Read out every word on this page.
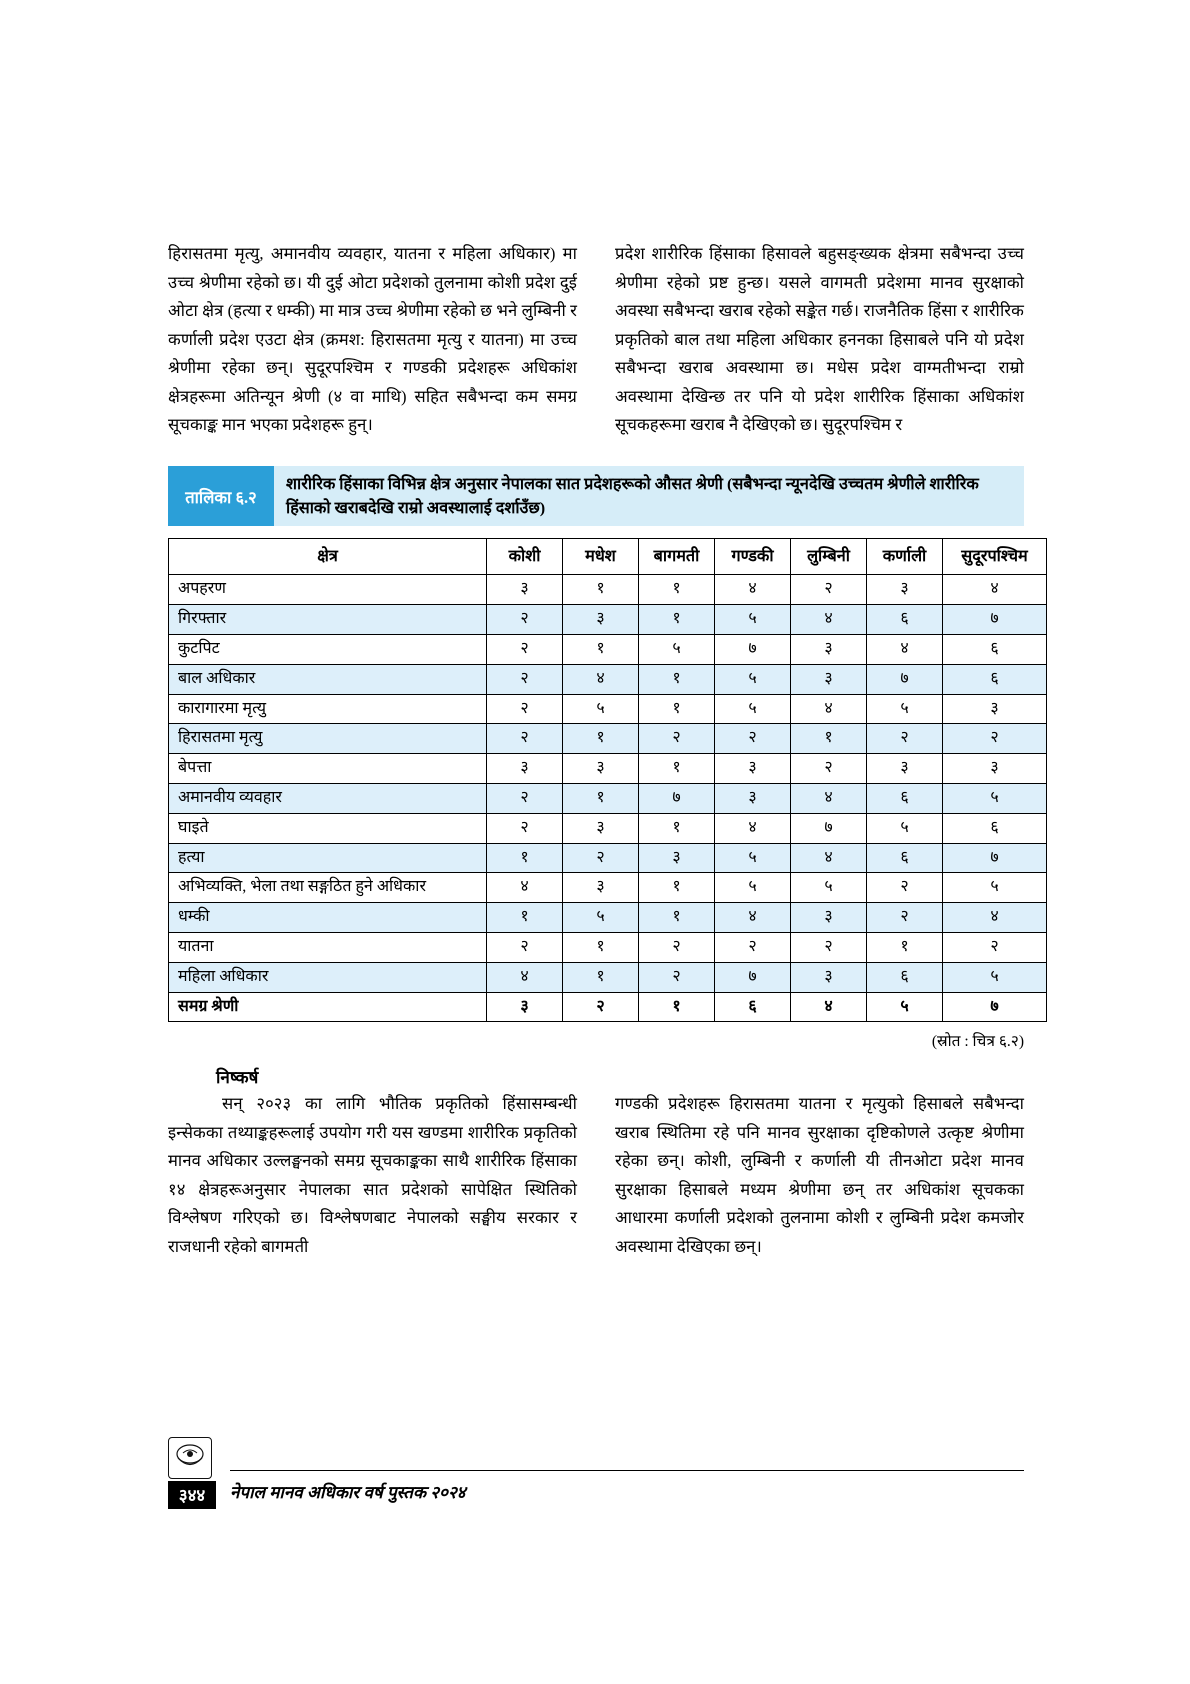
हिरासतमा मृत्यु, अमानवीय व्यवहार, यातना र महिला अधिकार) मा उच्च श्रेणीमा रहेको छ। यी दुई ओटा प्रदेशको तुलनामा कोशी प्रदेश दुई ओटा क्षेत्र (हत्या र धम्की) मा मात्र उच्च श्रेणीमा रहेको छ भने लुम्बिनी र कर्णाली प्रदेश एउटा क्षेत्र (क्रमश: हिरासतमा मृत्यु र यातना) मा उच्च श्रेणीमा रहेका छन्। सुदूरपश्चिम र गण्डकी प्रदेशहरू अधिकांश क्षेत्रहरूमा अतिन्यून श्रेणी (४ वा माथि) सहित सबैभन्दा कम समग्र सूचकाङ्क मान भएका प्रदेशहरू हुन्।

प्रदेश शारीरिक हिंसाका हिसावले बहुसङ्ख्यक क्षेत्रमा सबैभन्दा उच्च श्रेणीमा रहेको प्रष्ट हुन्छ। यसले वागमती प्रदेशमा मानव सुरक्षाको अवस्था सबैभन्दा खराब रहेको सङ्केत गर्छ। राजनैतिक हिंसा र शारीरिक प्रकृतिको बाल तथा महिला अधिकार हननका हिसाबले पनि यो प्रदेश सबैभन्दा खराब अवस्थामा छ। मधेस प्रदेश वाग्मतीभन्दा राम्रो अवस्थामा देखिन्छ तर पनि यो प्रदेश शारीरिक हिंसाका अधिकांश सूचकहरूमा खराब नै देखिएको छ। सुदूरपश्चिम र

तालिका ६.२
शारीरिक हिंसाका विभिन्न क्षेत्र अनुसार नेपालका सात प्रदेशहरूको औसत श्रेणी (सबैभन्दा न्यूनदेखि उच्चतम श्रेणीले शारीरिक हिंसाको खराबदेखि राम्रो अवस्थालाई दर्शाउँछ)
क्षेत्र	कोशी	मधेश	बागमती	गण्डकी	लुम्बिनी	कर्णाली	सुदूरपश्चिम
अपहरण	३	१	१	४	२	३	४
गिरफ्तार	२	३	१	५	४	६	७
कुटपिट	२	१	५	७	३	४	६
बाल अधिकार	२	४	१	५	३	७	६
कारागारमा मृत्यु	२	५	१	५	४	५	३
हिरासतमा मृत्यु	२	१	२	२	१	२	२
बेपत्ता	३	३	१	३	२	३	३
अमानवीय व्यवहार	२	१	७	३	४	६	५
घाइते	२	३	१	४	७	५	६
हत्या	१	२	३	५	४	६	७
अभिव्यक्ति, भेला तथा सङ्गठित हुने अधिकार	४	३	१	५	५	२	५
धम्की	१	५	१	४	३	२	४
यातना	२	१	२	२	२	१	२
महिला अधिकार	४	१	२	७	३	६	५
समग्र श्रेणी	३	२	१	६	४	५	७
(स्रोत : चित्र ६.२)
निष्कर्ष

सन् २०२३ का लागि भौतिक प्रकृतिको हिंसासम्बन्धी इन्सेकका तथ्याङ्कहरूलाई उपयोग गरी यस खण्डमा शारीरिक प्रकृतिको मानव अधिकार उल्लङ्घनको समग्र सूचकाङ्कका साथै शारीरिक हिंसाका १४ क्षेत्रहरूअनुसार नेपालका सात प्रदेशको सापेक्षित स्थितिको विश्लेषण गरिएको छ। विश्लेषणबाट नेपालको सङ्घीय सरकार र राजधानी रहेको बागमती

गण्डकी प्रदेशहरू हिरासतमा यातना र मृत्युको हिसाबले सबैभन्दा खराब स्थितिमा रहे पनि मानव सुरक्षाका दृष्टिकोणले उत्कृष्ट श्रेणीमा रहेका छन्। कोशी, लुम्बिनी र कर्णाली यी तीनओटा प्रदेश मानव सुरक्षाका हिसाबले मध्यम श्रेणीमा छन् तर अधिकांश सूचकका आधारमा कर्णाली प्रदेशको तुलनामा कोशी र लुम्बिनी प्रदेश कमजोर अवस्थामा देखिएका छन्।

३४४	नेपाल मानव अधिकार वर्ष पुस्तक २०२४
